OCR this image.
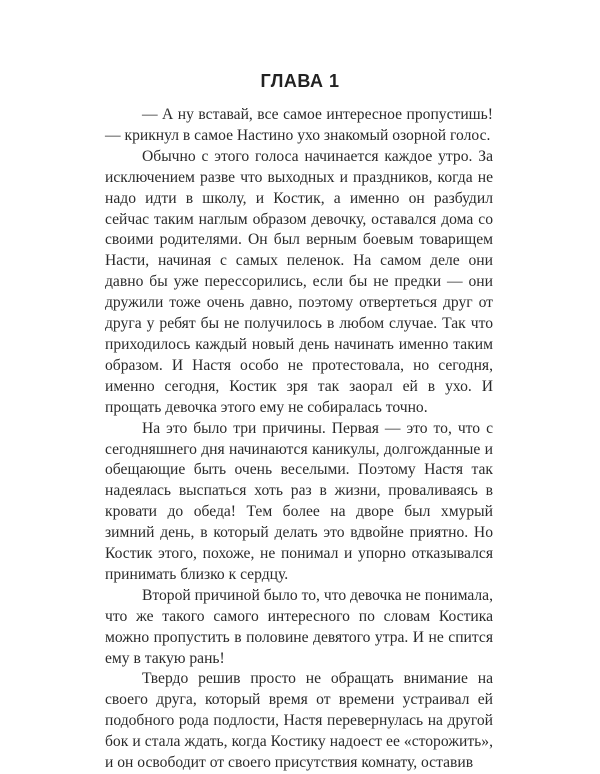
ГЛАВА 1

— А ну вставай, все самое интересное пропустишь! — крикнул в самое Настино ухо знакомый озорной голос.

Обычно с этого голоса начинается каждое утро. За исключением разве что выходных и праздников, когда не надо идти в школу, и Костик, а именно он разбудил сейчас таким наглым образом девочку, оставался дома со своими родителями. Он был верным боевым товарищем Насти, начиная с самых пеленок. На самом деле они давно бы уже перессорились, если бы не предки — они дружили тоже очень давно, поэтому отвертеться друг от друга у ребят бы не получилось в любом случае. Так что приходилось каждый новый день начинать именно таким образом. И Настя особо не протестовала, но сегодня, именно сегодня, Костик зря так заорал ей в ухо. И прощать девочка этого ему не собиралась точно.

На это было три причины. Первая — это то, что с сегодняшнего дня начинаются каникулы, долгожданные и обещающие быть очень веселыми. Поэтому Настя так надеялась выспаться хоть раз в жизни, проваливаясь в кровати до обеда! Тем более на дворе был хмурый зимний день, в который делать это вдвойне приятно. Но Костик этого, похоже, не понимал и упорно отказывался принимать близко к сердцу.

Второй причиной было то, что девочка не понимала, что же такого самого интересного по словам Костика можно пропустить в половине девятого утра. И не спится ему в такую рань!

Твердо решив просто не обращать внимание на своего друга, который время от времени устраивал ей подобного рода подлости, Настя перевернулась на другой бок и стала ждать, когда Костику надоест ее «сторожить», и он освободит от своего присутствия комнату, оставив
